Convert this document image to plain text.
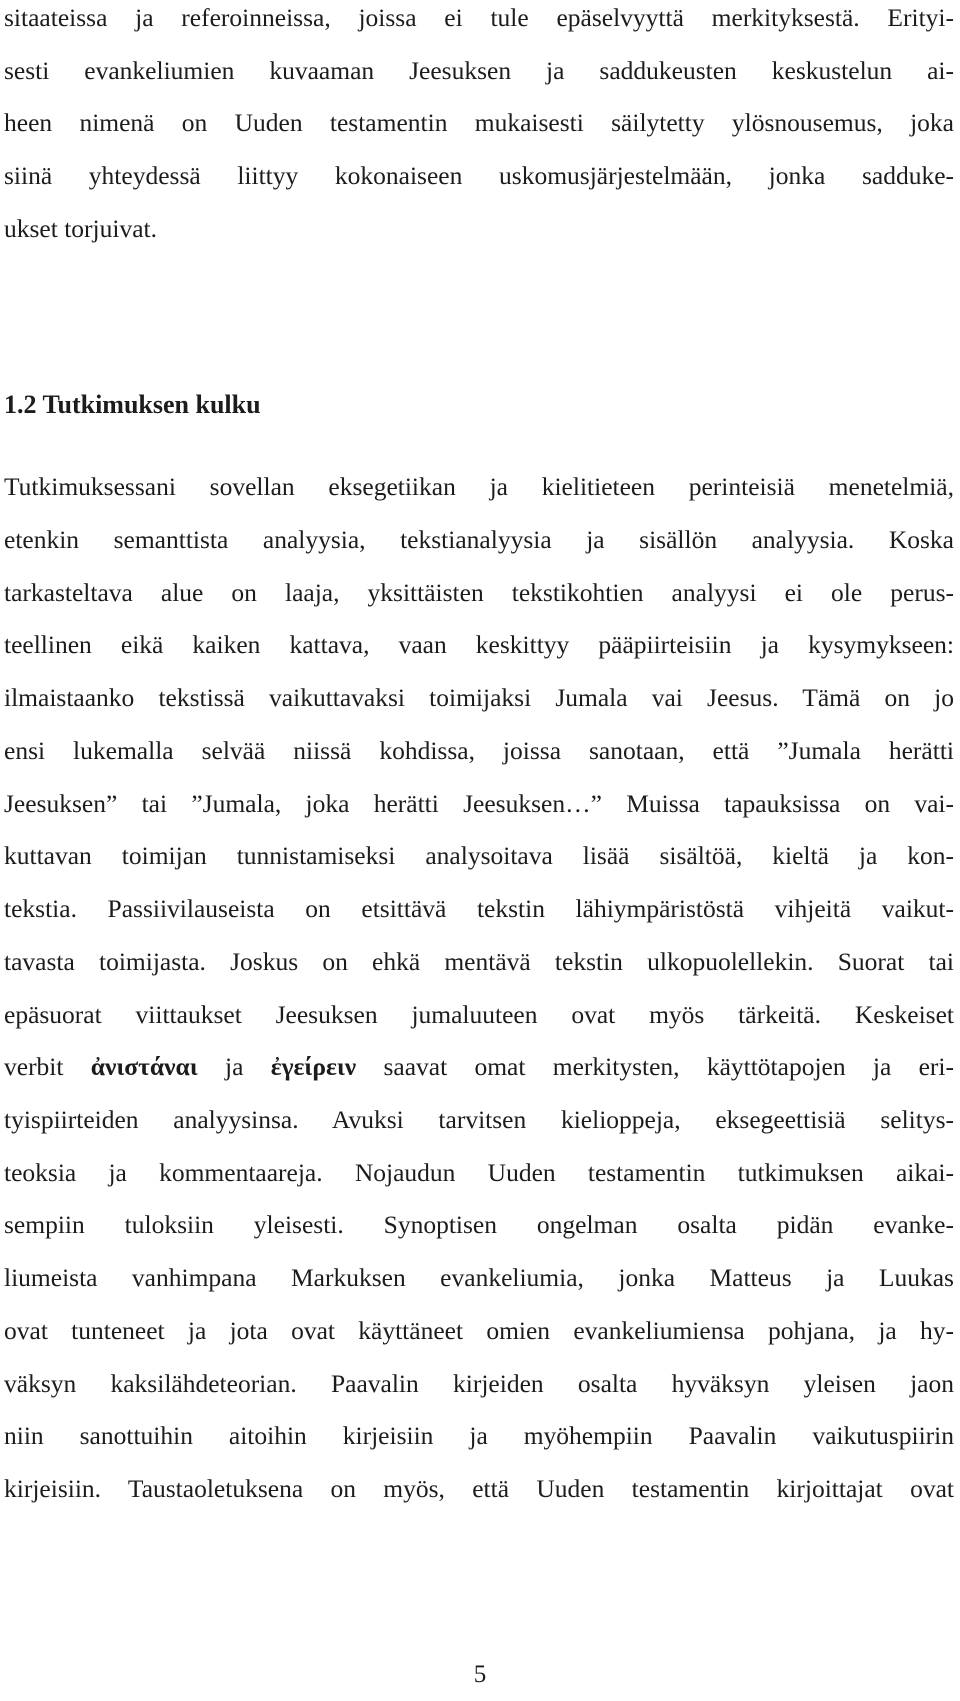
sitaateissa ja referoinneissa, joissa ei tule epäselvyyttä merkityksestä. Erityi-
sesti evankeliumien kuvaaman Jeesuksen ja saddukeusten keskustelun ai-
heen nimenä on Uuden testamentin mukaisesti säilytetty ylösnousemus, joka
siinä yhteydessä liittyy kokonaiseen uskomusjärjestelmään, jonka sadduke-
ukset torjuivat.
1.2 Tutkimuksen kulku
Tutkimuksessani sovellan eksegetiikan ja kielitieteen perinteisiä menetelmiä,
etenkin semanttista analyysia, tekstianalyysia ja sisällön analyysia. Koska
tarkasteltava alue on laaja, yksittäisten tekstikohtien analyysi ei ole perus-
teellinen eikä kaiken kattava, vaan keskittyy pääpiirteisiin ja kysymykseen:
ilmaistaanko tekstissä vaikuttavaksi toimijaksi Jumala vai Jeesus. Tämä on jo
ensi lukemalla selvää niissä kohdissa, joissa sanotaan, että ”Jumala herätti
Jeesuksen” tai ”Jumala, joka herätti Jeesuksen…” Muissa tapauksissa on vai-
kuttavan toimijan tunnistamiseksi analysoitava lisää sisältöä, kieltä ja kon-
tekstia. Passiivilauseista on etsittävä tekstin lähiympäristöstä vihjeitä vaikut-
tavasta toimijasta. Joskus on ehkä mentävä tekstin ulkopuolellekin. Suorat tai
epäsuorat viittaukset Jeesuksen jumaluuteen ovat myös tärkeitä. Keskeiset
verbit ἀνιστάναι ja ἐγείρειν saavat omat merkitysten, käyttötapojen ja eri-
tyispiirteiden analyysinsa. Avuksi tarvitsen kielioppeja, eksegeettisiä selitys-
teoksia ja kommentaareja. Nojaudun Uuden testamentin tutkimuksen aikai-
sempiin tuloksiin yleisesti. Synoptisen ongelman osalta pidän evanke-
liumeista vanhimpana Markuksen evankeliumia, jonka Matteus ja Luukas
ovat tunteneet ja jota ovat käyttäneet omien evankeliumiensa pohjana, ja hy-
väksyn kaksilähdeteorian. Paavalin kirjeiden osalta hyväksyn yleisen jaon
niin sanottuihin aitoihin kirjeisiin ja myöhempiin Paavalin vaikutuspiirin
kirjeisiin. Taustaoletuksena on myös, että Uuden testamentin kirjoittajat ovat
5
